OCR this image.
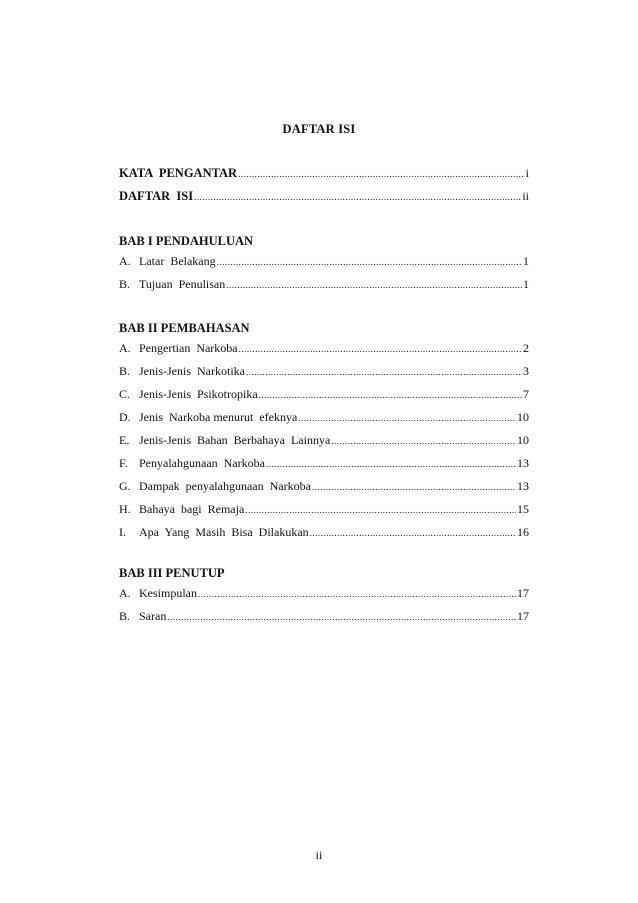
DAFTAR ISI
KATA  PENGANTAR .....	i
DAFTAR  ISI .....	ii
BAB I PENDAHULUAN
A. Latar  Belakang .....	1
B. Tujuan  Penulisan .....	1
BAB II PEMBAHASAN
A. Pengertian  Narkoba .....	2
B. Jenis-Jenis  Narkotika .....	3
C. Jenis-Jenis  Psikotropika .....	7
D. Jenis  Narkoba menurut  efeknya .....	10
E. Jenis-Jenis  Bahan  Berbahaya  Lainnya .....	10
F. Penyalahgunaan  Narkoba .....	13
G. Dampak  penyalahgunaan  Narkoba .....	13
H. Bahaya  bagi  Remaja .....	15
I.	Apa  Yang  Masih  Bisa  Dilakukan .....	16
BAB III PENUTUP
A. Kesimpulan .....	17
B. Saran .....	17
ii
